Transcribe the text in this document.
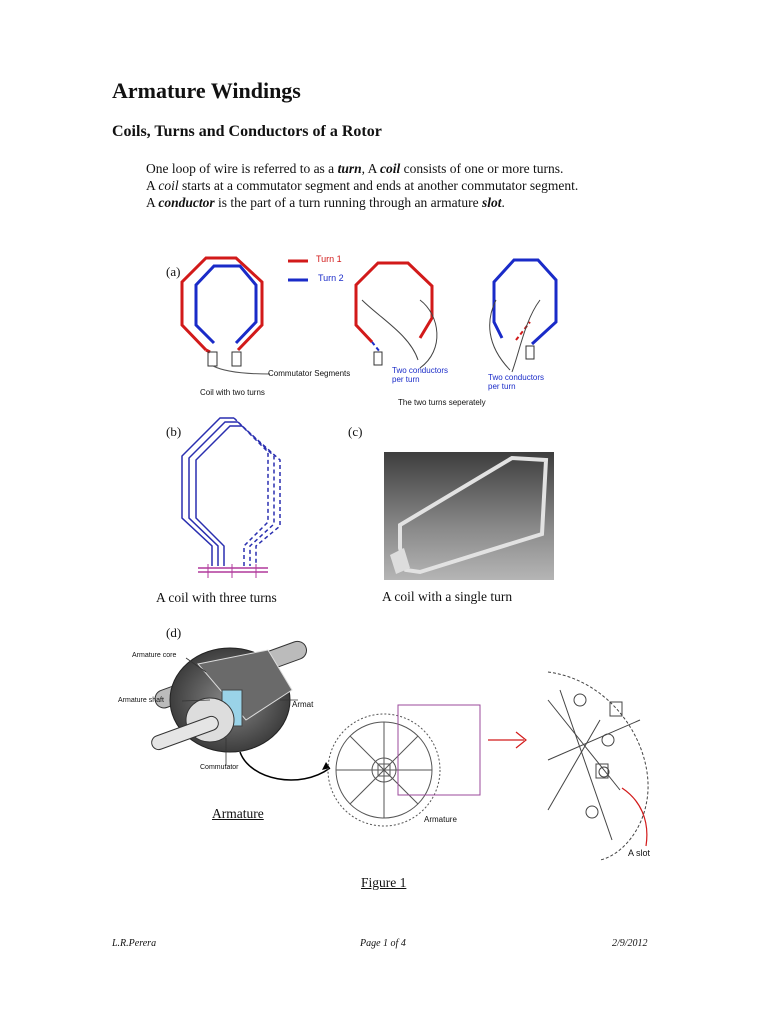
Armature Windings
Coils, Turns and Conductors of a Rotor

One loop of wire is referred to as a turn, A coil consists of one or more turns.

A coil starts at a commutator segment and ends at another commutator segment.

A conductor is the part of a turn running through an armature slot.

(a)
Turn 1
Turn 2
Commutator Segments
Coil with two turns
Two conductors
per turn	Two conductors
per turn
The two turns seperately
(b)	(c)
A coil with three turns	A coil with a single turn
(d)
Armature core
Armature shaft	Armat
Commutator
Armature	Armature
A slot
Figure 1
L.R.Perera	Page 1 of 4	2/9/2012
